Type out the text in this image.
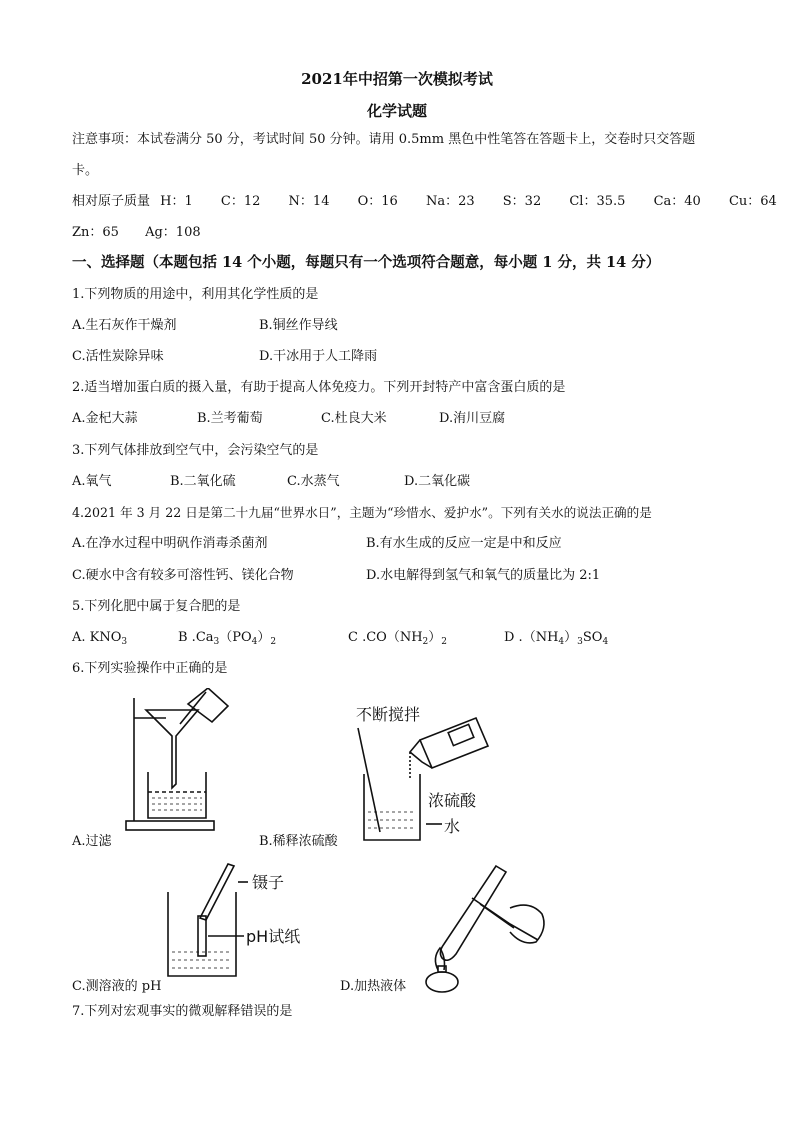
2021年中招第一次模拟考试
化学试题
注意事项：本试卷满分 50 分，考试时间 50 分钟。请用 0.5mm 黑色中性笔答在答题卡上，交卷时只交答题
卡。
相对原子质量 H：1 C：12 N：14 O：16 Na：23 S：32 Cl：35.5 Ca：40 Cu：64
Zn：65 Ag：108
一、选择题（本题包括 14 个小题，每题只有一个选项符合题意，每小题 1 分，共 14 分）
1.下列物质的用途中，利用其化学性质的是
A.生石灰作干燥剂	B.铜丝作导线
C.活性炭除异味	D.干冰用于人工降雨
2.适当增加蛋白质的摄入量，有助于提高人体免疫力。下列开封特产中富含蛋白质的是
A.金杞大蒜	B.兰考葡萄	C.杜良大米	D.洧川豆腐
3.下列气体排放到空气中，会污染空气的是
A.氧气	B.二氧化硫	C.水蒸气	D.二氧化碳
4.2021 年 3 月 22 日是第二十九届“世界水日”，主题为“珍惜水、爱护水”。下列有关水的说法正确的是
A.在净水过程中明矾作消毒杀菌剂	B.有水生成的反应一定是中和反应
C.硬水中含有较多可溶性钙、镁化合物	D.水电解得到氢气和氧气的质量比为 2:1
5.下列化肥中属于复合肥的是
A. $KNO_3$	B $.Ca_3(PO_4)_2$	C $.CO(NH_2)_2$	D $.(NH_4)_3SO_4$
6.下列实验操作中正确的是
A.过滤
不断搅拌
浓硫酸
水
B.稀释浓硫酸
镊子
pH试纸
C.测溶液的 pH	D.加热液体
7.下列对宏观事实的微观解释错误的是
